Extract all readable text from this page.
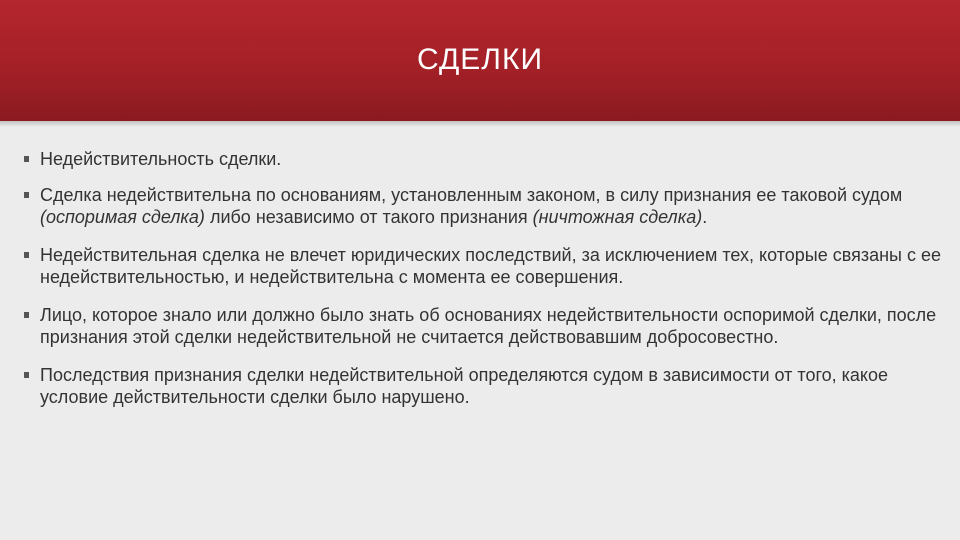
СДЕЛКИ
Недействительность сделки.
Сделка недействительна по основаниям, установленным законом, в силу признания ее таковой судом (оспоримая сделка) либо независимо от такого признания (ничтожная сделка).
Недействительная сделка не влечет юридических последствий, за исключением тех, которые связаны с ее недействительностью, и недействительна с момента ее совершения.
Лицо, которое знало или должно было знать об основаниях недействительности оспоримой сделки, после признания этой сделки недействительной не считается действовавшим добросовестно.
Последствия признания сделки недействительной определяются судом в зависимости от того, какое условие действительности сделки было нарушено.
